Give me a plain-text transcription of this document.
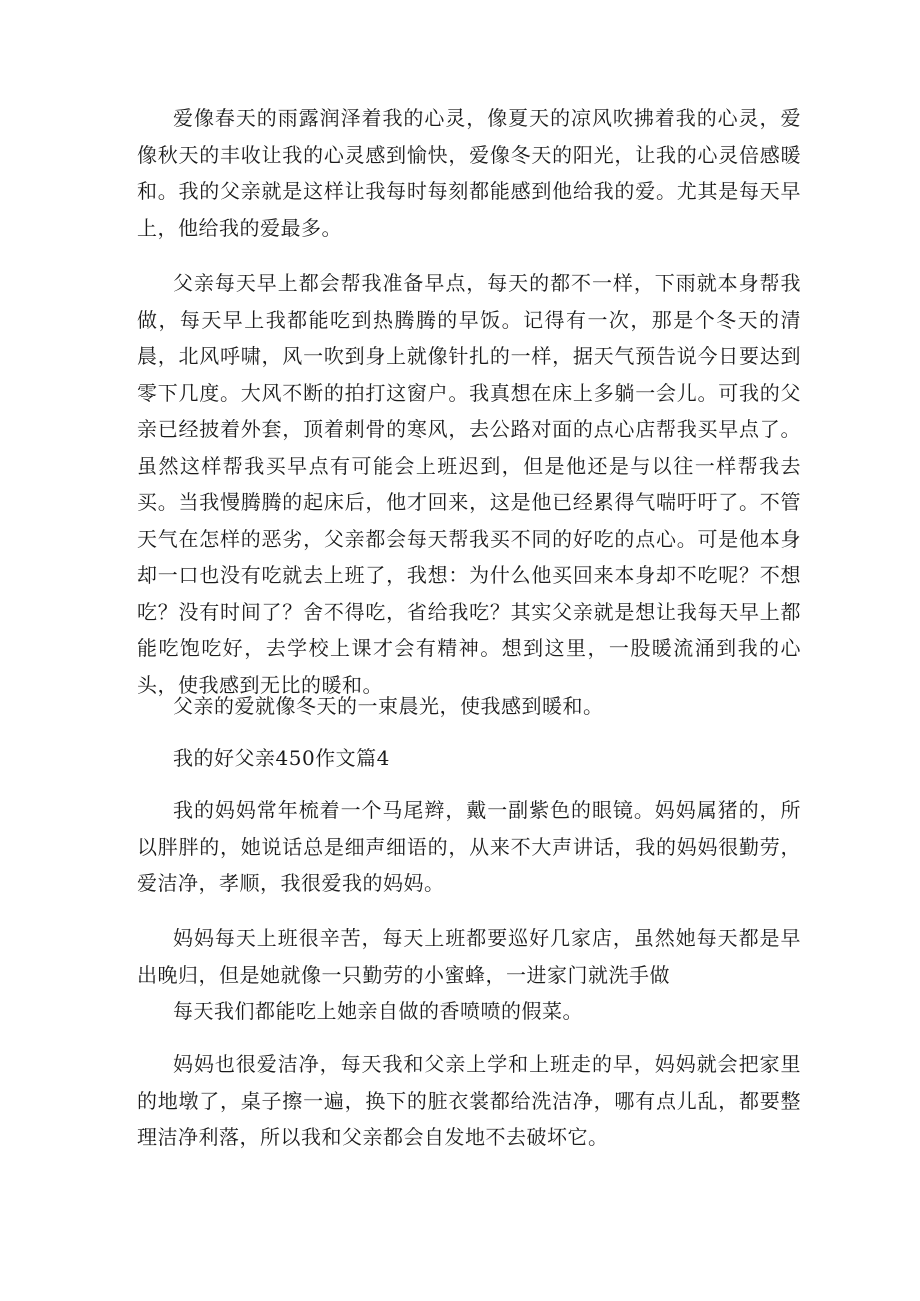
爱像春天的雨露润泽着我的心灵，像夏天的凉风吹拂着我的心灵，爱像秋天的丰收让我的心灵感到愉快，爱像冬天的阳光，让我的心灵倍感暖和。我的父亲就是这样让我每时每刻都能感到他给我的爱。尤其是每天早上，他给我的爱最多。

父亲每天早上都会帮我准备早点，每天的都不一样，下雨就本身帮我做，每天早上我都能吃到热腾腾的早饭。记得有一次，那是个冬天的清晨，北风呼啸，风一吹到身上就像针扎的一样，据天气预告说今日要达到零下几度。大风不断的拍打这窗户。我真想在床上多躺一会儿。可我的父亲已经披着外套，顶着刺骨的寒风，去公路对面的点心店帮我买早点了。虽然这样帮我买早点有可能会上班迟到，但是他还是与以往一样帮我去买。当我慢腾腾的起床后，他才回来，这是他已经累得气喘吁吁了。不管天气在怎样的恶劣，父亲都会每天帮我买不同的好吃的点心。可是他本身却一口也没有吃就去上班了，我想：为什么他买回来本身却不吃呢？不想吃？没有时间了？舍不得吃，省给我吃？其实父亲就是想让我每天早上都能吃饱吃好，去学校上课才会有精神。想到这里，一股暖流涌到我的心头，使我感到无比的暖和。

父亲的爱就像冬天的一束晨光，使我感到暖和。

我的好父亲450作文篇4

我的妈妈常年梳着一个马尾辫，戴一副紫色的眼镜。妈妈属猪的，所以胖胖的，她说话总是细声细语的，从来不大声讲话，我的妈妈很勤劳，爱洁净，孝顺，我很爱我的妈妈。

妈妈每天上班很辛苦，每天上班都要巡好几家店，虽然她每天都是早出晚归，但是她就像一只勤劳的小蜜蜂，一进家门就洗手做

每天我们都能吃上她亲自做的香喷喷的假菜。

妈妈也很爱洁净，每天我和父亲上学和上班走的早，妈妈就会把家里的地墩了，桌子擦一遍，换下的脏衣裳都给洗洁净，哪有点儿乱，都要整理洁净利落，所以我和父亲都会自发地不去破坏它。
